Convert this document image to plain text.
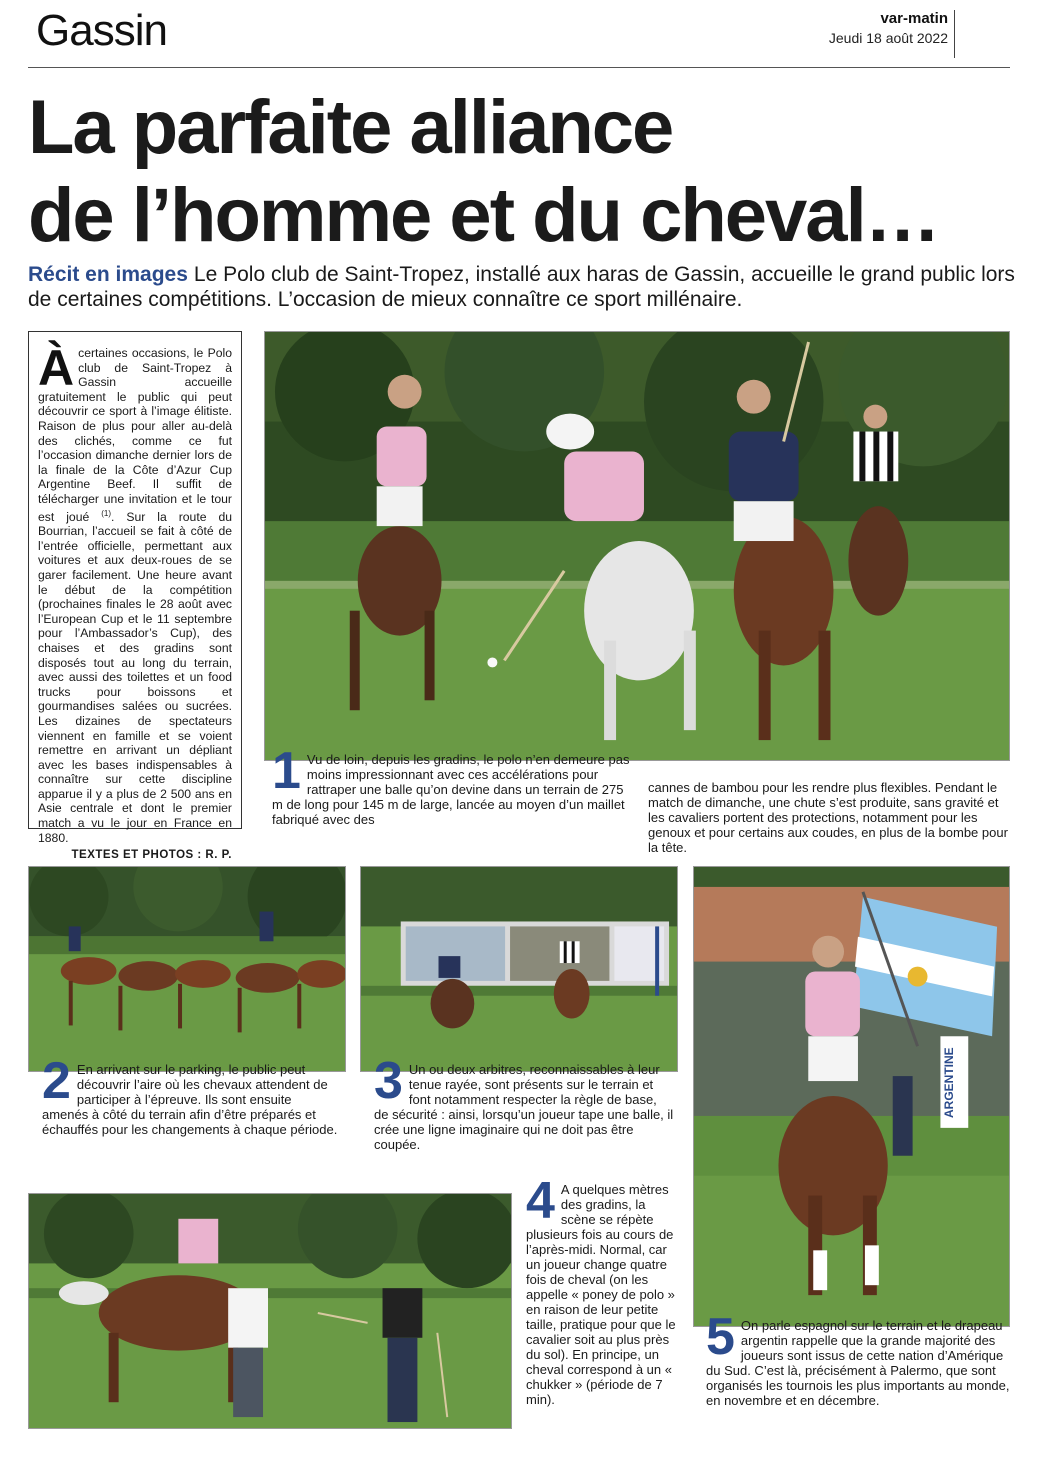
Gassin	var-matin
Jeudi 18 août 2022
La parfaite alliance
de l’homme et du cheval…
Récit en images Le Polo club de Saint-Tropez, installé aux haras de Gassin, accueille le grand public lors de certaines compétitions. L’occasion de mieux connaître ce sport millénaire.

Àcertaines occasions, le Polo club de Saint-Tropez à Gassin accueille gratuitement le public qui peut découvrir ce sport à l’image élitiste. Raison de plus pour aller au-delà des clichés, comme ce fut l’occasion dimanche dernier lors de la finale de la Côte d’Azur Cup Argentine Beef. Il suffit de télécharger une invitation et le tour est joué $^{(1)}$. Sur la route du Bourrian, l’accueil se fait à côté de l’entrée officielle, permettant aux voitures et aux deux-roues de se garer facilement. Une heure avant le début de la compétition (prochaines finales le 28 août avec l’European Cup et le 11 septembre pour l’Ambassador’s Cup), des chaises et des gradins sont disposés tout au long du terrain, avec aussi des toilettes et un food trucks pour boissons et gourmandises salées ou sucrées. Les dizaines de spectateurs viennent en famille et se voient remettre en arrivant un dépliant avec les bases indispensables à connaître sur cette discipline apparue il y a plus de 2 500 ans en Asie centrale et dont le premier match a vu le jour en France en 1880.

TEXTES ET PHOTOS : R. P.
1 Vu de loin, depuis les gradins, le polo n’en demeure pas moins impressionnant avec ces accélérations pour rattraper une balle qu’on devine dans un terrain de 275 m de long pour 145 m de large, lancée au moyen d’un maillet fabriqué avec des
cannes de bambou pour les rendre plus flexibles. Pendant le match de dimanche, une chute s’est produite, sans gravité et les cavaliers portent des protections, notamment pour les genoux et pour certains aux coudes, en plus de la bombe pour la tête.
2 En arrivant sur le parking, le public peut découvrir l’aire où les chevaux attendent de participer à l’épreuve. Ils sont ensuite amenés à côté du terrain afin d’être préparés et échauffés pour les changements à chaque période.
3 Un ou deux arbitres, reconnaissables à leur tenue rayée, sont présents sur le terrain et font notamment respecter la règle de base, de sécurité : ainsi, lorsqu’un joueur tape une balle, il crée une ligne imaginaire qui ne doit pas être coupée.
4 A quelques mètres des gradins, la scène se répète plusieurs fois au cours de l’après-midi. Normal, car un joueur change quatre fois de cheval (on les appelle « poney de polo » en raison de leur petite taille, pratique pour que le cavalier soit au plus près du sol). En principe, un cheval correspond à un « chukker » (période de 7 min).
ARGENTINE
5 On parle espagnol sur le terrain et le drapeau argentin rappelle que la grande majorité des joueurs sont issus de cette nation d’Amérique du Sud. C’est là, précisément à Palermo, que sont organisés les tournois les plus importants au monde, en novembre et en décembre.
